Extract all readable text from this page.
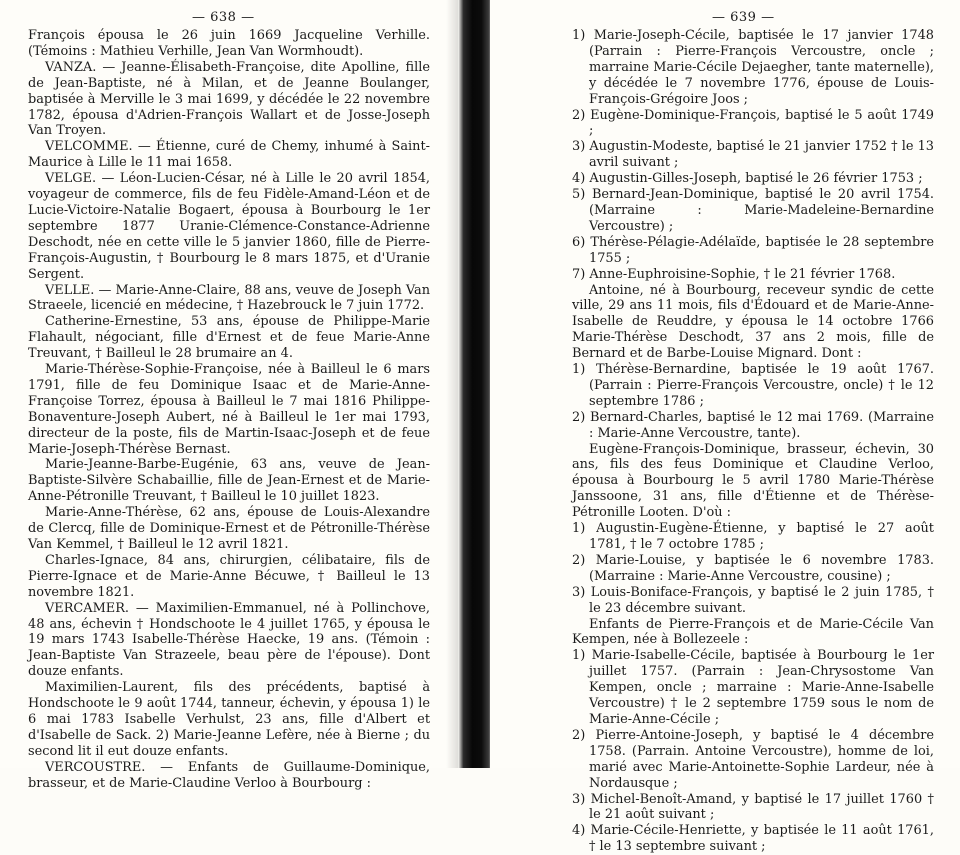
— 638 —

François épousa le 26 juin 1669 Jacqueline Verhille. (Témoins : Mathieu Verhille, Jean Van Wormhoudt).

VANZA. — Jeanne-Élisabeth-Françoise, dite Apolline, fille de Jean-Baptiste, né à Milan, et de Jeanne Boulanger, baptisée à Merville le 3 mai 1699, y décédée le 22 novembre 1782, épousa d'Adrien-François Wallart et de Josse-Joseph Van Troyen.

VELCOMME. — Étienne, curé de Chemy, inhumé à Saint-Maurice à Lille le 11 mai 1658.

VELGE. — Léon-Lucien-César, né à Lille le 20 avril 1854, voyageur de commerce, fils de feu Fidèle-Amand-Léon et de Lucie-Victoire-Natalie Bogaert, épousa à Bourbourg le 1er septembre 1877 Uranie-Clémence-Constance-Adrienne Deschodt, née en cette ville le 5 janvier 1860, fille de Pierre-François-Augustin, † Bourbourg le 8 mars 1875, et d'Uranie Sergent.

VELLE. — Marie-Anne-Claire, 88 ans, veuve de Joseph Van Straeele, licencié en médecine, † Hazebrouck le 7 juin 1772.

Catherine-Ernestine, 53 ans, épouse de Philippe-Marie Flahault, négociant, fille d'Ernest et de feue Marie-Anne Treuvant, † Bailleul le 28 brumaire an 4.

Marie-Thérèse-Sophie-Françoise, née à Bailleul le 6 mars 1791, fille de feu Dominique Isaac et de Marie-Anne-Françoise Torrez, épousa à Bailleul le 7 mai 1816 Philippe-Bonaventure-Joseph Aubert, né à Bailleul le 1er mai 1793, directeur de la poste, fils de Martin-Isaac-Joseph et de feue Marie-Joseph-Thérèse Bernast.

Marie-Jeanne-Barbe-Eugénie, 63 ans, veuve de Jean-Baptiste-Silvère Schabaillie, fille de Jean-Ernest et de Marie-Anne-Pétronille Treuvant, † Bailleul le 10 juillet 1823.

Marie-Anne-Thérèse, 62 ans, épouse de Louis-Alexandre de Clercq, fille de Dominique-Ernest et de Pétronille-Thérèse Van Kemmel, † Bailleul le 12 avril 1821.

Charles-Ignace, 84 ans, chirurgien, célibataire, fils de Pierre-Ignace et de Marie-Anne Bécuwe, † Bailleul le 13 novembre 1821.

VERCAMER. — Maximilien-Emmanuel, né à Pollinchove, 48 ans, échevin † Hondschoote le 4 juillet 1765, y épousa le 19 mars 1743 Isabelle-Thérèse Haecke, 19 ans. (Témoin : Jean-Baptiste Van Strazeele, beau père de l'épouse). Dont douze enfants.

Maximilien-Laurent, fils des précédents, baptisé à Hondschoote le 9 août 1744, tanneur, échevin, y épousa 1) le 6 mai 1783 Isabelle Verhulst, 23 ans, fille d'Albert et d'Isabelle de Sack. 2) Marie-Jeanne Lefère, née à Bierne ; du second lit il eut douze enfants.

VERCOUSTRE. — Enfants de Guillaume-Dominique, brasseur, et de Marie-Claudine Verloo à Bourbourg :

— 639 —

1) Marie-Joseph-Cécile, baptisée le 17 janvier 1748 (Parrain : Pierre-François Vercoustre, oncle ; marraine Marie-Cécile Dejaegher, tante maternelle), y décédée le 7 novembre 1776, épouse de Louis-François-Grégoire Joos ;

2) Eugène-Dominique-François, baptisé le 5 août 1749 ;

3) Augustin-Modeste, baptisé le 21 janvier 1752 † le 13 avril suivant ;

4) Augustin-Gilles-Joseph, baptisé le 26 février 1753 ;

5) Bernard-Jean-Dominique, baptisé le 20 avril 1754. (Marraine : Marie-Madeleine-Bernardine Vercoustre) ;

6) Thérèse-Pélagie-Adélaïde, baptisée le 28 septembre 1755 ;

7) Anne-Euphroisine-Sophie, † le 21 février 1768.

Antoine, né à Bourbourg, receveur syndic de cette ville, 29 ans 11 mois, fils d'Édouard et de Marie-Anne-Isabelle de Reuddre, y épousa le 14 octobre 1766 Marie-Thérèse Deschodt, 37 ans 2 mois, fille de Bernard et de Barbe-Louise Mignard. Dont :

1) Thérèse-Bernardine, baptisée le 19 août 1767. (Parrain : Pierre-François Vercoustre, oncle) † le 12 septembre 1786 ;

2) Bernard-Charles, baptisé le 12 mai 1769. (Marraine : Marie-Anne Vercoustre, tante).

Eugène-François-Dominique, brasseur, échevin, 30 ans, fils des feus Dominique et Claudine Verloo, épousa à Bourbourg le 5 avril 1780 Marie-Thérèse Janssoone, 31 ans, fille d'Étienne et de Thérèse-Pétronille Looten. D'où :

1) Augustin-Eugène-Étienne, y baptisé le 27 août 1781, † le 7 octobre 1785 ;

2) Marie-Louise, y baptisée le 6 novembre 1783. (Marraine : Marie-Anne Vercoustre, cousine) ;

3) Louis-Boniface-François, y baptisé le 2 juin 1785, † le 23 décembre suivant.

Enfants de Pierre-François et de Marie-Cécile Van Kempen, née à Bollezeele :

1) Marie-Isabelle-Cécile, baptisée à Bourbourg le 1er juillet 1757. (Parrain : Jean-Chrysostome Van Kempen, oncle ; marraine : Marie-Anne-Isabelle Vercoustre) † le 2 septembre 1759 sous le nom de Marie-Anne-Cécile ;

2) Pierre-Antoine-Joseph, y baptisé le 4 décembre 1758. (Parrain. Antoine Vercoustre), homme de loi, marié avec Marie-Antoinette-Sophie Lardeur, née à Nordausque ;

3) Michel-Benoît-Amand, y baptisé le 17 juillet 1760 † le 21 août suivant ;

4) Marie-Cécile-Henriette, y baptisée le 11 août 1761, † le 13 septembre suivant ;
